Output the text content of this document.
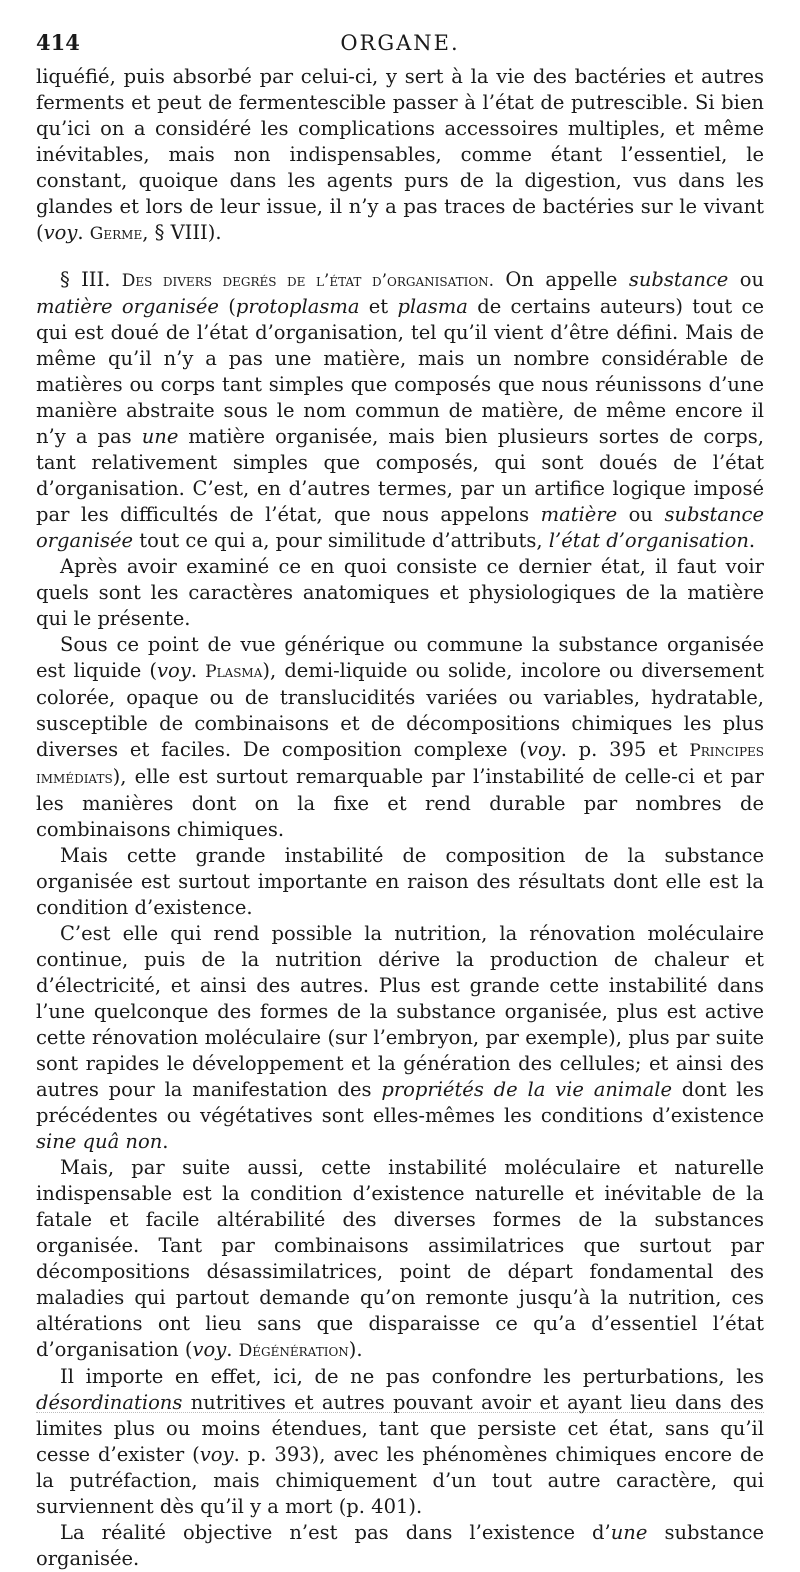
414	ORGANE.

liquéfié, puis absorbé par celui-ci, y sert à la vie des bactéries et autres ferments et peut de fermentescible passer à l’état de putrescible. Si bien qu’ici on a considéré les complications accessoires multiples, et même inévitables, mais non indispensables, comme étant l’essentiel, le constant, quoique dans les agents purs de la digestion, vus dans les glandes et lors de leur issue, il n’y a pas traces de bactéries sur le vivant (voy. Germe, § VIII).

§ III. Des divers degrés de l’état d’organisation. On appelle substance ou matière organisée (protoplasma et plasma de certains auteurs) tout ce qui est doué de l’état d’organisation, tel qu’il vient d’être défini. Mais de même qu’il n’y a pas une matière, mais un nombre considérable de matières ou corps tant simples que composés que nous réunissons d’une manière abstraite sous le nom commun de matière, de même encore il n’y a pas une matière organisée, mais bien plusieurs sortes de corps, tant relativement simples que composés, qui sont doués de l’état d’organisation. C’est, en d’autres termes, par un artifice logique imposé par les difficultés de l’état, que nous appelons matière ou substance organisée tout ce qui a, pour similitude d’attributs, l’état d’organisation.

Après avoir examiné ce en quoi consiste ce dernier état, il faut voir quels sont les caractères anatomiques et physiologiques de la matière qui le présente.

Sous ce point de vue générique ou commune la substance organisée est liquide (voy. Plasma), demi-liquide ou solide, incolore ou diversement colorée, opaque ou de translucidités variées ou variables, hydratable, susceptible de combinaisons et de décompositions chimiques les plus diverses et faciles. De composition complexe (voy. p. 395 et Principes immédiats), elle est surtout remarquable par l’instabilité de celle-ci et par les manières dont on la fixe et rend durable par nombres de combinaisons chimiques.

Mais cette grande instabilité de composition de la substance organisée est surtout importante en raison des résultats dont elle est la condition d’existence.

C’est elle qui rend possible la nutrition, la rénovation moléculaire continue, puis de la nutrition dérive la production de chaleur et d’électricité, et ainsi des autres. Plus est grande cette instabilité dans l’une quelconque des formes de la substance organisée, plus est active cette rénovation moléculaire (sur l’embryon, par exemple), plus par suite sont rapides le développement et la génération des cellules; et ainsi des autres pour la manifestation des propriétés de la vie animale dont les précédentes ou végétatives sont elles-mêmes les conditions d’existence sine quâ non.

Mais, par suite aussi, cette instabilité moléculaire et naturelle indispensable est la condition d’existence naturelle et inévitable de la fatale et facile altérabilité des diverses formes de la substances organisée. Tant par combinaisons assimilatrices que surtout par décompositions désassimilatrices, point de départ fondamental des maladies qui partout demande qu’on remonte jusqu’à la nutrition, ces altérations ont lieu sans que disparaisse ce qu’a d’essentiel l’état d’organisation (voy. Dégénération).

Il importe en effet, ici, de ne pas confondre les perturbations, les désordinations nutritives et autres pouvant avoir et ayant lieu dans des limites plus ou moins étendues, tant que persiste cet état, sans qu’il cesse d’exister (voy. p. 393), avec les phénomènes chimiques encore de la putréfaction, mais chimiquement d’un tout autre caractère, qui surviennent dès qu’il y a mort (p. 401).

La réalité objective n’est pas dans l’existence d’une substance organisée.
